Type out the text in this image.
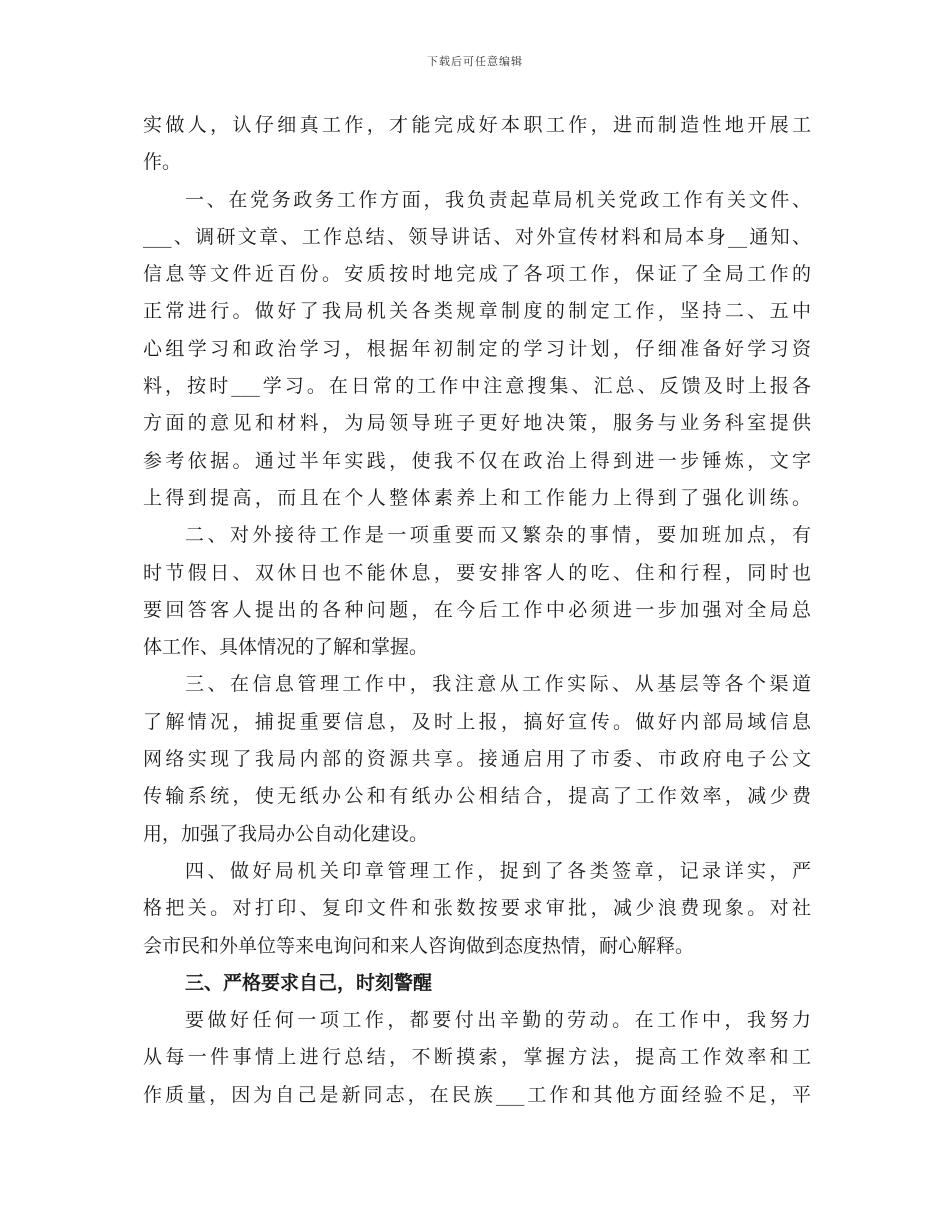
下载后可任意编辑
实做人，认仔细真工作，才能完成好本职工作，进而制造性地开展工
作。
一、在党务政务工作方面，我负责起草局机关党政工作有关文件、
___、调研文章、工作总结、领导讲话、对外宣传材料和局本身__通知、
信息等文件近百份。安质按时地完成了各项工作，保证了全局工作的
正常进行。做好了我局机关各类规章制度的制定工作，坚持二、五中
心组学习和政治学习，根据年初制定的学习计划，仔细准备好学习资
料，按时___学习。在日常的工作中注意搜集、汇总、反馈及时上报各
方面的意见和材料，为局领导班子更好地决策，服务与业务科室提供
参考依据。通过半年实践，使我不仅在政治上得到进一步锤炼，文字
上得到提高，而且在个人整体素养上和工作能力上得到了强化训练。
二、对外接待工作是一项重要而又繁杂的事情，要加班加点，有
时节假日、双休日也不能休息，要安排客人的吃、住和行程，同时也
要回答客人提出的各种问题，在今后工作中必须进一步加强对全局总
体工作、具体情况的了解和掌握。
三、在信息管理工作中，我注意从工作实际、从基层等各个渠道
了解情况，捕捉重要信息，及时上报，搞好宣传。做好内部局域信息
网络实现了我局内部的资源共享。接通启用了市委、市政府电子公文
传输系统，使无纸办公和有纸办公相结合，提高了工作效率，减少费
用，加强了我局办公自动化建设。
四、做好局机关印章管理工作，捉到了各类签章，记录详实，严
格把关。对打印、复印文件和张数按要求审批，减少浪费现象。对社
会市民和外单位等来电询问和来人咨询做到态度热情，耐心解释。
三、严格要求自己，时刻警醒
要做好任何一项工作，都要付出辛勤的劳动。在工作中，我努力
从每一件事情上进行总结，不断摸索，掌握方法，提高工作效率和工
作质量，因为自己是新同志，在民族___工作和其他方面经验不足，平
